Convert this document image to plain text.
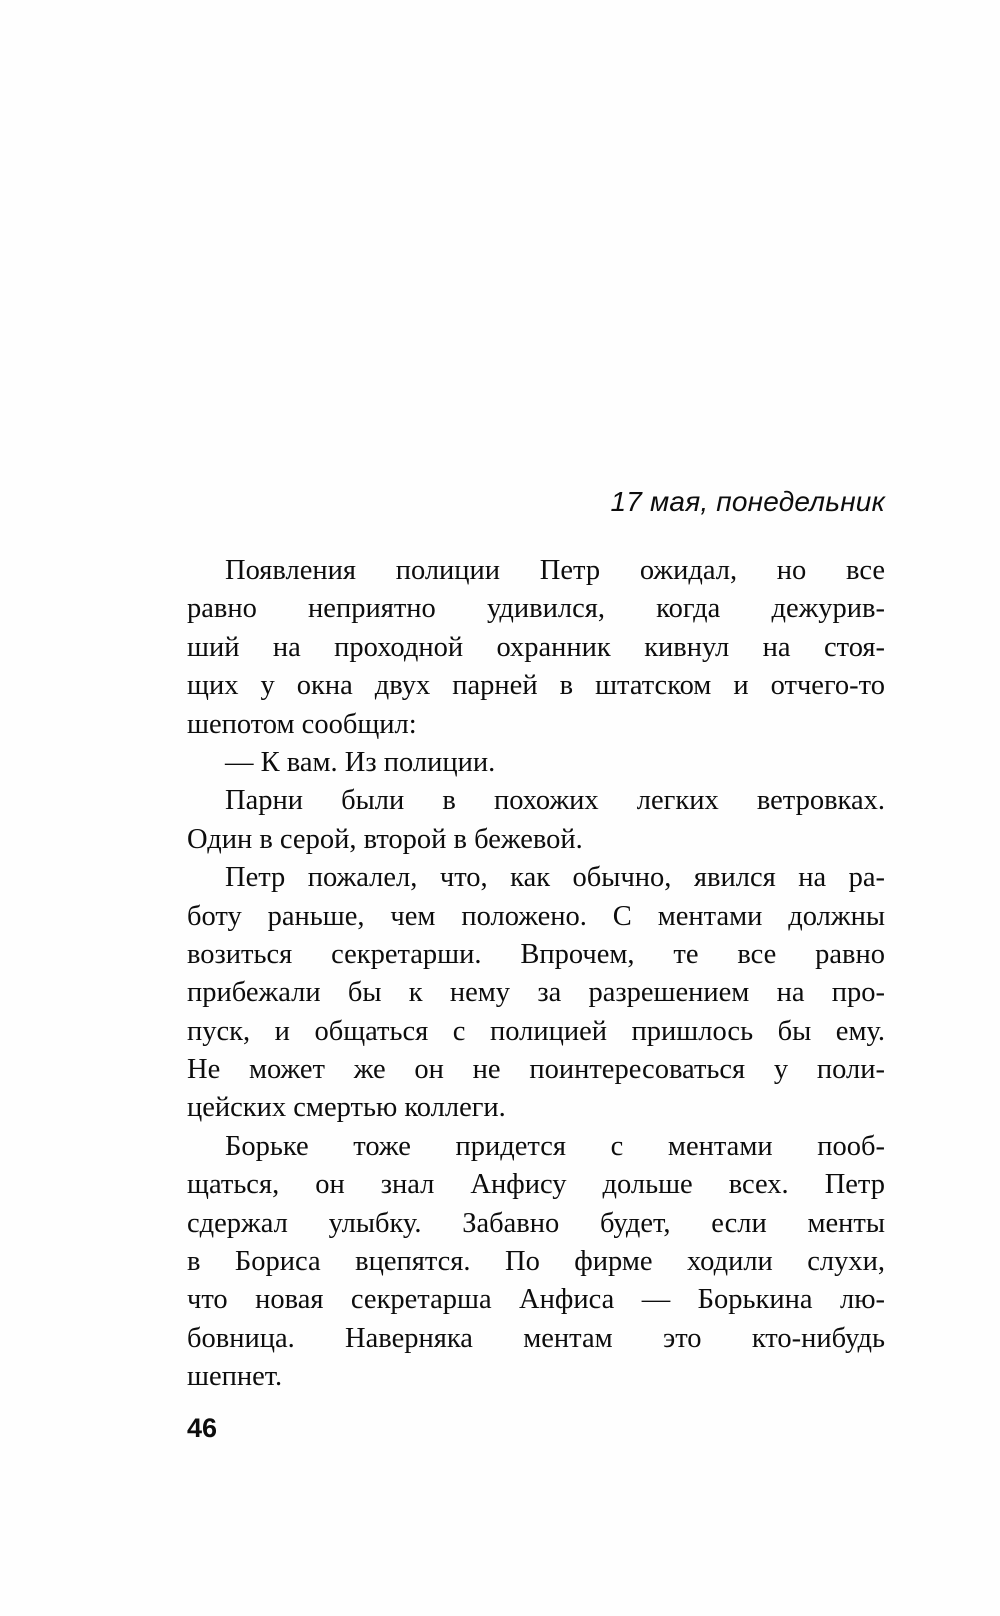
17 мая, понедельник
Появления полиции Петр ожидал, но все
равно неприятно удивился, когда дежурив-
ший на проходной охранник кивнул на стоя-
щих у окна двух парней в штатском и отчего-то
шепотом сообщил:
— К вам. Из полиции.
Парни были в похожих легких ветровках.
Один в серой, второй в бежевой.
Петр пожалел, что, как обычно, явился на ра-
боту раньше, чем положено. С ментами должны
возиться секретарши. Впрочем, те все равно
прибежали бы к нему за разрешением на про-
пуск, и общаться с полицией пришлось бы ему.
Не может же он не поинтересоваться у поли-
цейских смертью коллеги.
Борьке тоже придется с ментами пооб-
щаться, он знал Анфису дольше всех. Петр
сдержал улыбку. Забавно будет, если менты
в Бориса вцепятся. По фирме ходили слухи,
что новая секретарша Анфиса — Борькина лю-
бовница. Наверняка ментам это кто-нибудь
шепнет.
46
